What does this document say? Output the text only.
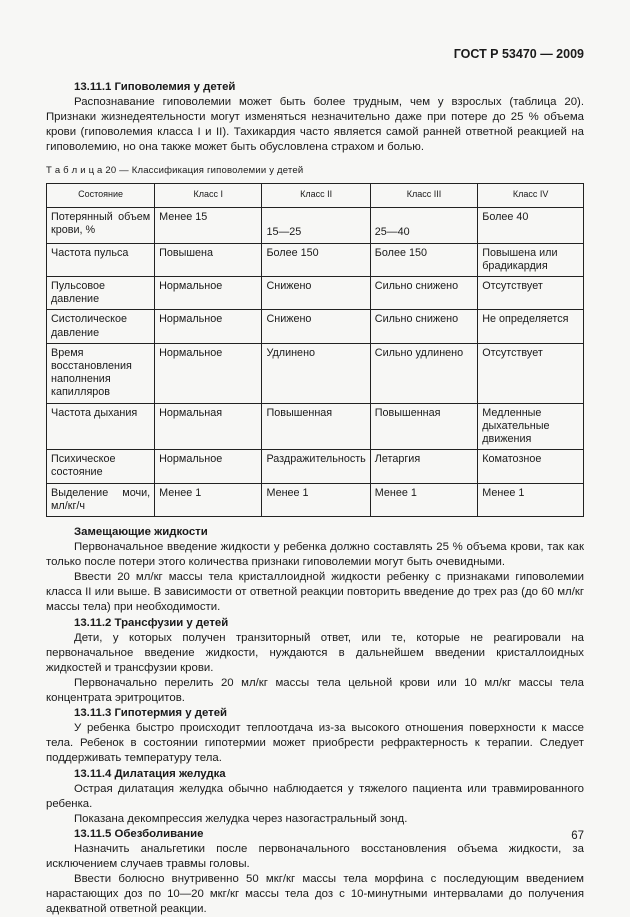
ГОСТ Р 53470 — 2009
13.11.1 Гиповолемия у детей

Распознавание гиповолемии может быть более трудным, чем у взрослых (таблица 20). Признаки жизнедеятельности могут изменяться незначительно даже при потере до 25 % объема крови (гиповолемия класса I и II). Тахикардия часто является самой ранней ответной реакцией на гиповолемию, но она также может быть обусловлена страхом и болью.

Т а б л и ц а 20 — Классификация гиповолемии у детей
Состояние	Класс I	Класс II	Класс III	Класс IV
Потерянный объем крови, %	Менее 15	15—25	25—40	Более 40
Частота пульса	Повышена	Более 150	Более 150	Повышена или брадикардия
Пульсовое давление	Нормальное	Снижено	Сильно снижено	Отсутствует
Систолическое давление	Нормальное	Снижено	Сильно снижено	Не определяется
Время восстановления наполнения капилляров	Нормальное	Удлинено	Сильно удлинено	Отсутствует
Частота дыхания	Нормальная	Повышенная	Повышенная	Медленные дыхательные движения
Психическое состояние	Нормальное	Раздражительность	Летаргия	Коматозное
Выделение мочи, мл/кг/ч	Менее 1	Менее 1	Менее 1	Менее 1
Замещающие жидкости

Первоначальное введение жидкости у ребенка должно составлять 25 % объема крови, так как только после потери этого количества признаки гиповолемии могут быть очевидными.

Ввести 20 мл/кг массы тела кристаллоидной жидкости ребенку с признаками гиповолемии класса II или выше. В зависимости от ответной реакции повторить введение до трех раз (до 60 мл/кг массы тела) при необходимости.

13.11.2 Трансфузии у детей

Дети, у которых получен транзиторный ответ, или те, которые не реагировали на первоначальное введение жидкости, нуждаются в дальнейшем введении кристаллоидных жидкостей и трансфузии крови.

Первоначально перелить 20 мл/кг массы тела цельной крови или 10 мл/кг массы тела концентрата эритроцитов.

13.11.3 Гипотермия у детей

У ребенка быстро происходит теплоотдача из-за высокого отношения поверхности к массе тела. Ребенок в состоянии гипотермии может приобрести рефрактерность к терапии. Следует поддерживать температуру тела.

13.11.4 Дилатация желудка

Острая дилатация желудка обычно наблюдается у тяжелого пациента или травмированного ребенка.

Показана декомпрессия желудка через назогастральный зонд.

13.11.5 Обезболивание

Назначить анальгетики после первоначального восстановления объема жидкости, за исключением случаев травмы головы.

Ввести болюсно внутривенно 50 мкг/кг массы тела морфина с последующим введением нарастающих доз по 10—20 мкг/кг массы тела доз с 10-минутными интервалами до получения адекватной ответной реакции.

67
